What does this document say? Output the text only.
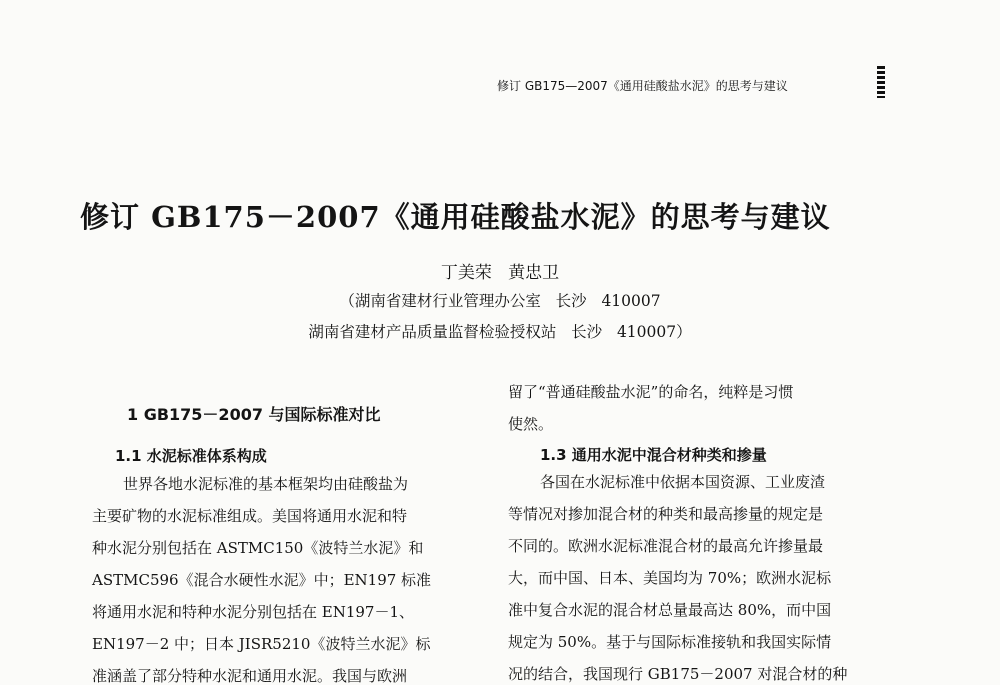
修订 GB175—2007《通用硅酸盐水泥》的思考与建议
修订 GB175－2007《通用硅酸盐水泥》的思考与建议
丁美荣   黄忠卫
（湖南省建材行业管理办公室   长沙   410007
湖南省建材产品质量监督检验授权站   长沙   410007）
1 GB175－2007 与国际标准对比
1.1 水泥标准体系构成
世界各地水泥标准的基本框架均由硅酸盐为
主要矿物的水泥标准组成。美国将通用水泥和特
种水泥分别包括在 ASTMC150《波特兰水泥》和
ASTMC596《混合水硬性水泥》中；EN197 标准
将通用水泥和特种水泥分别包括在 EN197－1、
EN197－2 中；日本 JISR5210《波特兰水泥》标
准涵盖了部分特种水泥和通用水泥。我国与欧洲
留了“普通硅酸盐水泥”的命名，纯粹是习惯
使然。
1.3 通用水泥中混合材种类和掺量
各国在水泥标准中依据本国资源、工业废渣
等情况对掺加混合材的种类和最高掺量的规定是
不同的。欧洲水泥标准混合材的最高允许掺量最
大，而中国、日本、美国均为 70%；欧洲水泥标
准中复合水泥的混合材总量最高达 80%，而中国
规定为 50%。基于与国际标准接轨和我国实际情
况的结合，我国现行 GB175－2007 对混合材的种
